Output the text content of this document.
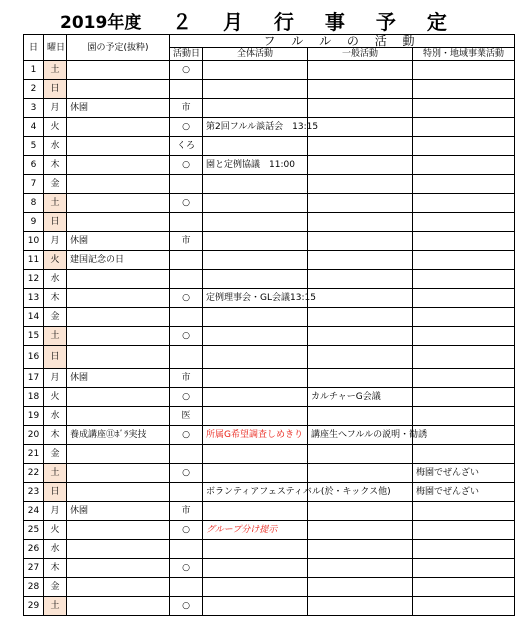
2019年度 ２ 月 行 事 予 定
日	曜日	園の予定(抜粋)	フ ル ル の 活 動			
			活動日	全体活動	一般活動	特別・地域事業活動
1	土		○			
2	日					
3	月	休園	市			
4	火		○	第2回フルル談話会　13:15		
5	水		くろ			
6	木		○	園と定例協議　11:00		
7	金					
8	土		○			
9	日					
10	月	休園	市			
11	火	建国記念の日				
12	水					
13	木		○	定例理事会・GL会議13:15		
14	金					
15	土		○			
16	日					
17	月	休園	市			
18	火		○		カルチャーG会議	
19	水		医			
20	木	養成講座⑪ﾎﾞﾗ実技	○	所属G希望調査しめきり	講座生へフルルの説明・勧誘	
21	金					
22	土		○			梅園でぜんざい
23	日			ボランティアフェスティバル(於・キックス他)		梅園でぜんざい
24	月	休園	市			
25	火		○	グループ分け提示		
26	水					
27	木		○			
28	金					
29	土		○			
